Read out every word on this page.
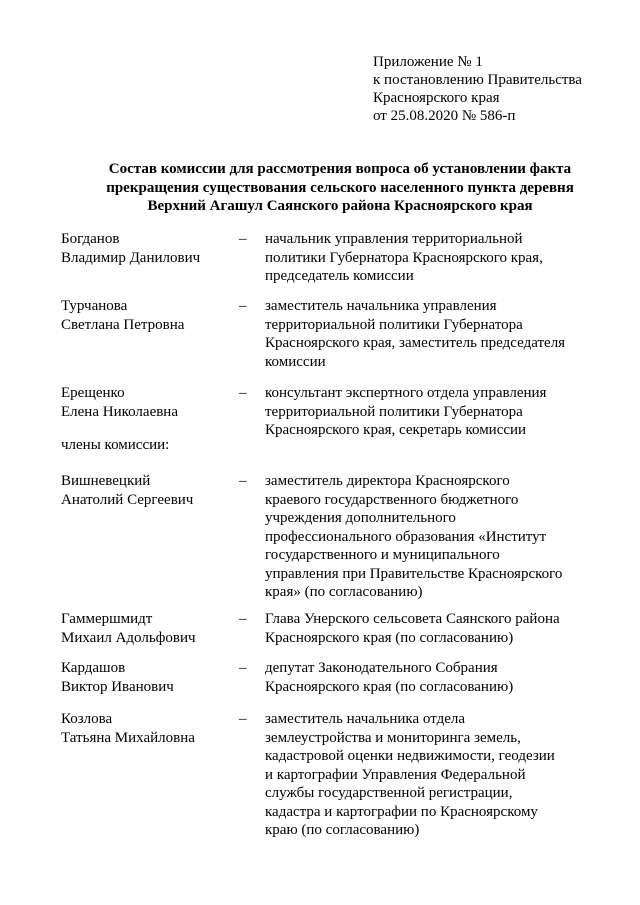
Приложение № 1
к постановлению Правительства
Красноярского края
от 25.08.2020 № 586-п
Состав комиссии для рассмотрения вопроса об установлении факта
прекращения существования сельского населенного пункта деревня
Верхний Агашул Саянского района Красноярского края
Богданов
Владимир Данилович
– начальник управления территориальной
политики Губернатора Красноярского края,
председатель комиссии
Турчанова
Светлана Петровна
– заместитель начальника управления
территориальной политики Губернатора
Красноярского края, заместитель председателя
комиссии
Ерещенко
Елена Николаевна
– консультант экспертного отдела управления
территориальной политики Губернатора
Красноярского края, секретарь комиссии
члены комиссии:
Вишневецкий
Анатолий Сергеевич
– заместитель директора Красноярского
краевого государственного бюджетного
учреждения дополнительного
профессионального образования «Институт
государственного и муниципального
управления при Правительстве Красноярского
края» (по согласованию)
Гаммершмидт
Михаил Адольфович
– Глава Унерского сельсовета Саянского района
Красноярского края (по согласованию)
Кардашов
Виктор Иванович
– депутат Законодательного Собрания
Красноярского края (по согласованию)
Козлова
Татьяна Михайловна
– заместитель начальника отдела
землеустройства и мониторинга земель,
кадастровой оценки недвижимости, геодезии
и картографии Управления Федеральной
службы государственной регистрации,
кадастра и картографии по Красноярскому
краю (по согласованию)
